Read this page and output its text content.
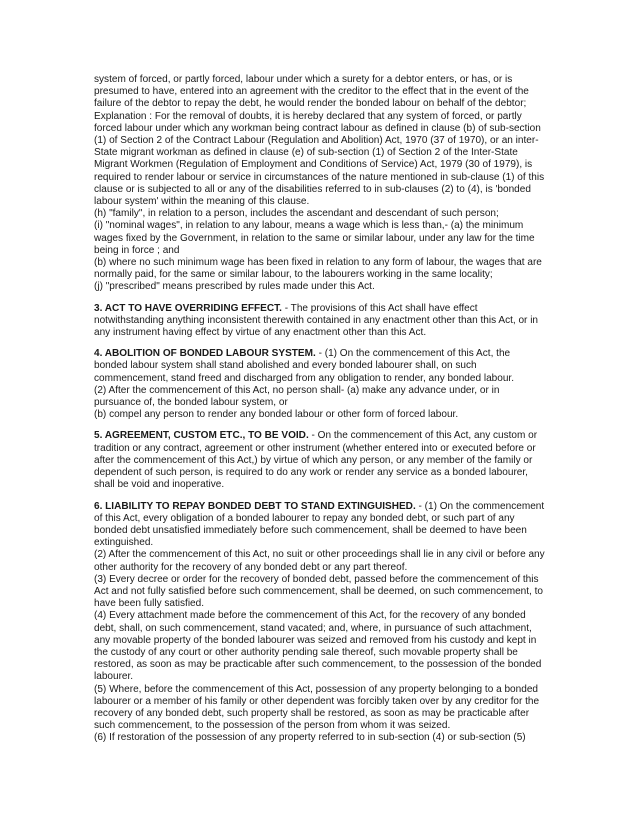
system of forced, or partly forced, labour under which a surety for a debtor enters, or has, or is presumed to have, entered into an agreement with the creditor to the effect that in the event of the failure of the debtor to repay the debt, he would render the bonded labour on behalf of the debtor;

Explanation : For the removal of doubts, it is hereby declared that any system of forced, or partly forced labour under which any workman being contract labour as defined in clause (b) of sub-section (1) of Section 2 of the Contract Labour (Regulation and Abolition) Act, 1970 (37 of 1970), or an inter-State migrant workman as defined in clause (e) of sub-section (1) of Section 2 of the Inter-State Migrant Workmen (Regulation of Employment and Conditions of Service) Act, 1979 (30 of 1979), is required to render labour or service in circumstances of the nature mentioned in sub-clause (1) of this clause or is subjected to all or any of the disabilities referred to in sub-clauses (2) to (4), is 'bonded labour system' within the meaning of this clause.

(h) "family", in relation to a person, includes the ascendant and descendant of such person;

(i) "nominal wages", in relation to any labour, means a wage which is less than,- (a) the minimum wages fixed by the Government, in relation to the same or similar labour, under any law for the time being in force ; and

(b) where no such minimum wage has been fixed in relation to any form of labour, the wages that are normally paid, for the same or similar labour, to the labourers working in the same locality;

(j) "prescribed" means prescribed by rules made under this Act.

3. ACT TO HAVE OVERRIDING EFFECT. - The provisions of this Act shall have effect notwithstanding anything inconsistent therewith contained in any enactment other than this Act, or in any instrument having effect by virtue of any enactment other than this Act.

4. ABOLITION OF BONDED LABOUR SYSTEM. - (1) On the commencement of this Act, the bonded labour system shall stand abolished and every bonded labourer shall, on such commencement, stand freed and discharged from any obligation to render, any bonded labour.

(2) After the commencement of this Act, no person shall- (a) make any advance under, or in pursuance of, the bonded labour system, or

(b) compel any person to render any bonded labour or other form of forced labour.

5. AGREEMENT, CUSTOM ETC., TO BE VOID. - On the commencement of this Act, any custom or tradition or any contract, agreement or other instrument (whether entered into or executed before or after the commencement of this Act,) by virtue of which any person, or any member of the family or dependent of such person, is required to do any work or render any service as a bonded labourer, shall be void and inoperative.

6. LIABILITY TO REPAY BONDED DEBT TO STAND EXTINGUISHED. - (1) On the commencement of this Act, every obligation of a bonded labourer to repay any bonded debt, or such part of any bonded debt unsatisfied immediately before such commencement, shall be deemed to have been extinguished.

(2) After the commencement of this Act, no suit or other proceedings shall lie in any civil or before any other authority for the recovery of any bonded debt or any part thereof.

(3) Every decree or order for the recovery of bonded debt, passed before the commencement of this Act and not fully satisfied before such commencement, shall be deemed, on such commencement, to have been fully satisfied.

(4) Every attachment made before the commencement of this Act, for the recovery of any bonded debt, shall, on such commencement, stand vacated; and, where, in pursuance of such attachment, any movable property of the bonded labourer was seized and removed from his custody and kept in the custody of any court or other authority pending sale thereof, such movable property shall be restored, as soon as may be practicable after such commencement, to the possession of the bonded labourer.

(5) Where, before the commencement of this Act, possession of any property belonging to a bonded labourer or a member of his family or other dependent was forcibly taken over by any creditor for the recovery of any bonded debt, such property shall be restored, as soon as may be practicable after such commencement, to the possession of the person from whom it was seized.

(6) If restoration of the possession of any property referred to in sub-section (4) or sub-section (5)
